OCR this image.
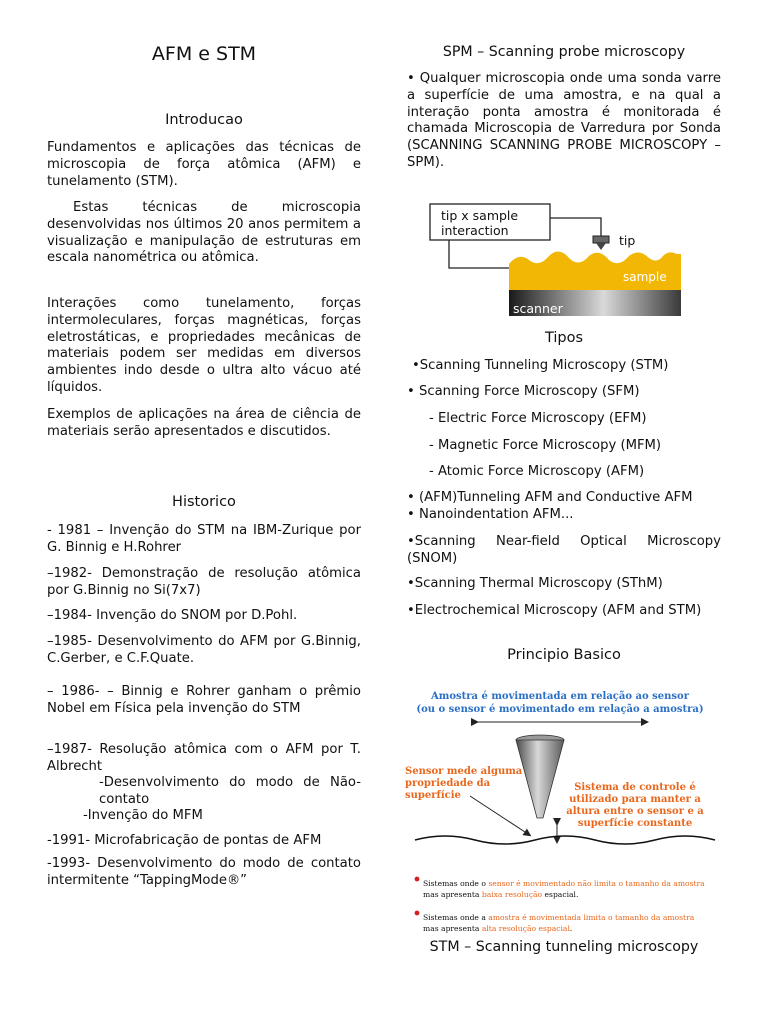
AFM e STM
Introducao

Fundamentos e aplicações das técnicas de microscopia de força atômica (AFM) e tunelamento (STM).

Estas técnicas de microscopia desenvolvidas nos últimos 20 anos permitem a visualização e manipulação de estruturas em escala nanométrica ou atômica.

Interações como tunelamento, forças intermoleculares, forças magnéticas, forças eletrostáticas, e propriedades mecânicas de materiais podem ser medidas em diversos ambientes indo desde o ultra alto vácuo até líquidos.

Exemplos de aplicações na área de ciência de materiais serão apresentados e discutidos.

Historico

- 1981 – Invenção do STM na IBM-Zurique por G. Binnig e H.Rohrer

–1982- Demonstração de resolução atômica por G.Binnig no Si(7x7)

–1984- Invenção do SNOM por D.Pohl.

–1985- Desenvolvimento do AFM por G.Binnig, C.Gerber, e C.F.Quate.

– 1986- – Binnig e Rohrer ganham o prêmio Nobel em Física pela invenção do STM

–1987- Resolução atômica com o AFM por T. Albrecht

-Desenvolvimento do modo de Não-contato

-Invenção do MFM

-1991- Microfabricação de pontas de AFM

-1993- Desenvolvimento do modo de contato intermitente “TappingMode®”

SPM – Scanning probe microscopy

• Qualquer microscopia onde uma sonda varre a superfície de uma amostra, e na qual a interação ponta amostra é monitorada é chamada Microscopia de Varredura por Sonda (SCANNING SCANNING PROBE MICROSCOPY – SPM).

tip x sample
interaction
tip
sample
scanner
Tipos

•Scanning Tunneling Microscopy (STM)

• Scanning Force Microscopy (SFM)

- Electric Force Microscopy (EFM)

- Magnetic Force Microscopy (MFM)

- Atomic Force Microscopy (AFM)

• (AFM)Tunneling AFM and Conductive AFM

• Nanoindentation AFM...

•Scanning Near-field Optical Microscopy (SNOM)

•Scanning Thermal Microscopy (SThM)

•Electrochemical Microscopy (AFM and STM)

Principio Basico
Amostra é movimentada em relação ao sensor
(ou o sensor é movimentado em relação a amostra)
Sensor mede alguma
propriedade da
superfície
Sistema de controle é
utilizado para manter a
altura entre o sensor e a
superfície constante
Sistemas onde o sensor é movimentado não limita o tamanho da amostra
mas apresenta baixa resolução espacial.
Sistemas onde a amostra é movimentada limita o tamanho da amostra
mas apresenta alta resolução espacial.
STM – Scanning tunneling microscopy
